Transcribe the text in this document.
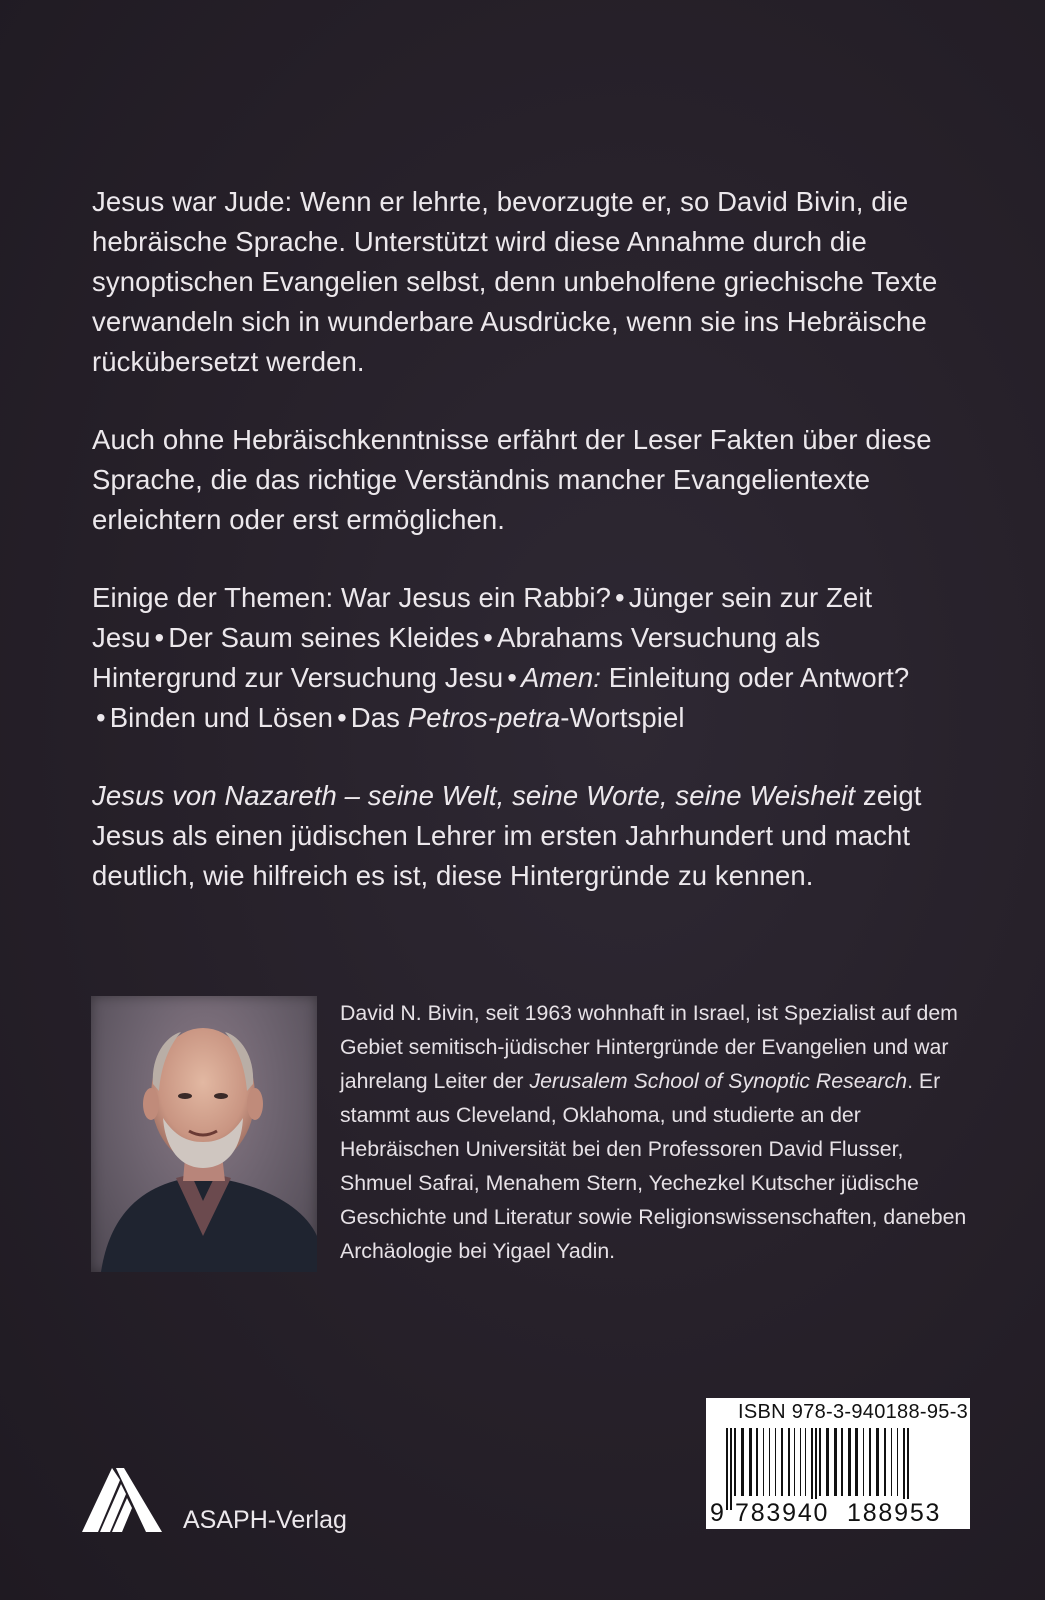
Jesus war Jude: Wenn er lehrte, bevorzugte er, so David Bivin, die hebräische Sprache. Unterstützt wird diese Annahme durch die synoptischen Evangelien selbst, denn unbeholfene griechische Texte verwandeln sich in wunderbare Ausdrücke, wenn sie ins Hebräische rückübersetzt werden.

Auch ohne Hebräischkenntnisse erfährt der Leser Fakten über diese Sprache, die das richtige Verständnis mancher Evangelientexte erleichtern oder erst ermöglichen.

Einige der Themen: War Jesus ein Rabbi? • Jünger sein zur Zeit Jesu • Der Saum seines Kleides • Abrahams Versuchung als Hintergrund zur Versuchung Jesu • Amen: Einleitung oder Antwort?• Binden und Lösen • Das Petros-petra-Wortspiel

Jesus von Nazareth – seine Welt, seine Worte, seine Weisheit zeigt Jesus als einen jüdischen Lehrer im ersten Jahrhundert und macht deutlich, wie hilfreich es ist, diese Hintergründe zu kennen.

David N. Bivin, seit 1963 wohnhaft in Israel, ist Spezialist auf dem Gebiet semitisch-jüdischer Hintergründe der Evangelien und war jahrelang Leiter der Jerusalem School of Synoptic Research. Er stammt aus Cleveland, Oklahoma, und studierte an der Hebräischen Universität bei den Professoren David Flusser, Shmuel Safrai, Menahem Stern, Yechezkel Kutscher jüdische Geschichte und Literatur sowie Religionswissenschaften, daneben Archäologie bei Yigael Yadin.
ASAPH-Verlag
ISBN 978-3-940188-95-3
9 783940 188953
